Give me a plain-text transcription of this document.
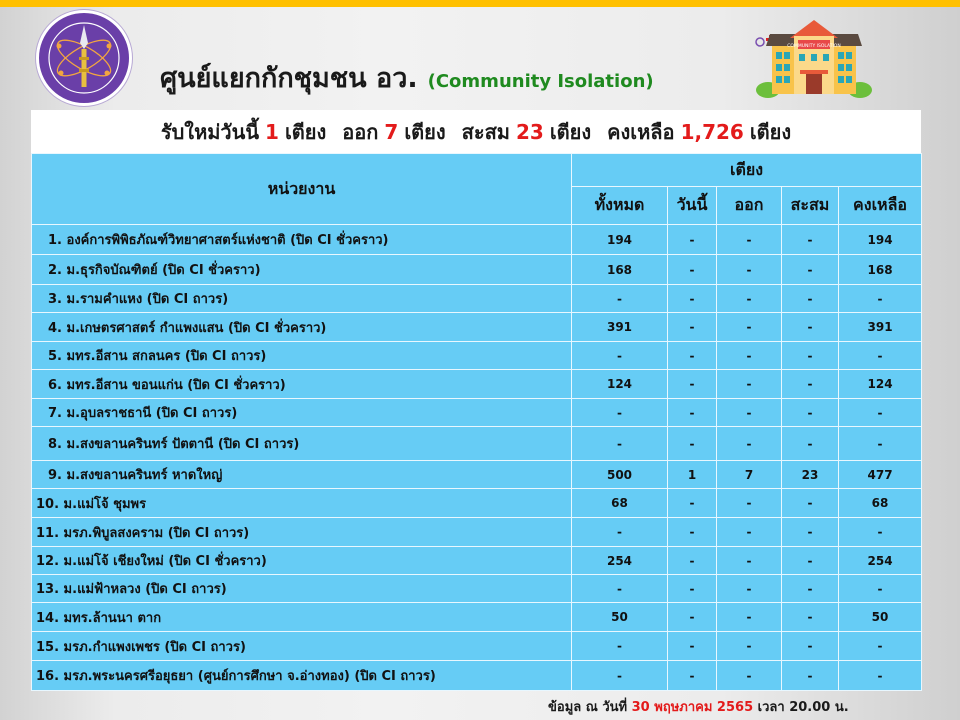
ศูนย์แยกกักชุมชน อว. (Community Isolation)
COMMUNITY ISOLATION
รับใหม่วันนี้ 1 เตียง ออก 7 เตียง สะสม 23 เตียง คงเหลือ 1,726 เตียง
หน่วยงาน	เตียง				
	ทั้งหมด	วันนี้	ออก	สะสม	คงเหลือ
1. องค์การพิพิธภัณฑ์วิทยาศาสตร์แห่งชาติ (ปิด CI ชั่วคราว)	194	-	-	-	194
2. ม.ธุรกิจบัณฑิตย์ (ปิด CI ชั่วคราว)	168	-	-	-	168
3. ม.รามคำแหง (ปิด CI ถาวร)	-	-	-	-	-
4. ม.เกษตรศาสตร์ กำแพงแสน (ปิด CI ชั่วคราว)	391	-	-	-	391
5. มทร.อีสาน สกลนคร (ปิด CI ถาวร)	-	-	-	-	-
6. มทร.อีสาน ขอนแก่น (ปิด CI ชั่วคราว)	124	-	-	-	124
7. ม.อุบลราชธานี (ปิด CI ถาวร)	-	-	-	-	-
8. ม.สงขลานครินทร์ ปัตตานี (ปิด CI ถาวร)	-	-	-	-	-
9. ม.สงขลานครินทร์ หาดใหญ่	500	1	7	23	477
10. ม.แม่โจ้ ชุมพร	68	-	-	-	68
11. มรภ.พิบูลสงคราม (ปิด CI ถาวร)	-	-	-	-	-
12. ม.แม่โจ้ เชียงใหม่ (ปิด CI ชั่วคราว)	254	-	-	-	254
13. ม.แม่ฟ้าหลวง (ปิด CI ถาวร)	-	-	-	-	-
14. มทร.ล้านนา ตาก	50	-	-	-	50
15. มรภ.กำแพงเพชร (ปิด CI ถาวร)	-	-	-	-	-
16. มรภ.พระนครศรีอยุธยา (ศูนย์การศึกษา จ.อ่างทอง) (ปิด CI ถาวร)	-	-	-	-	-
ข้อมูล ณ วันที่ 30 พฤษภาคม 2565 เวลา 20.00 น.
